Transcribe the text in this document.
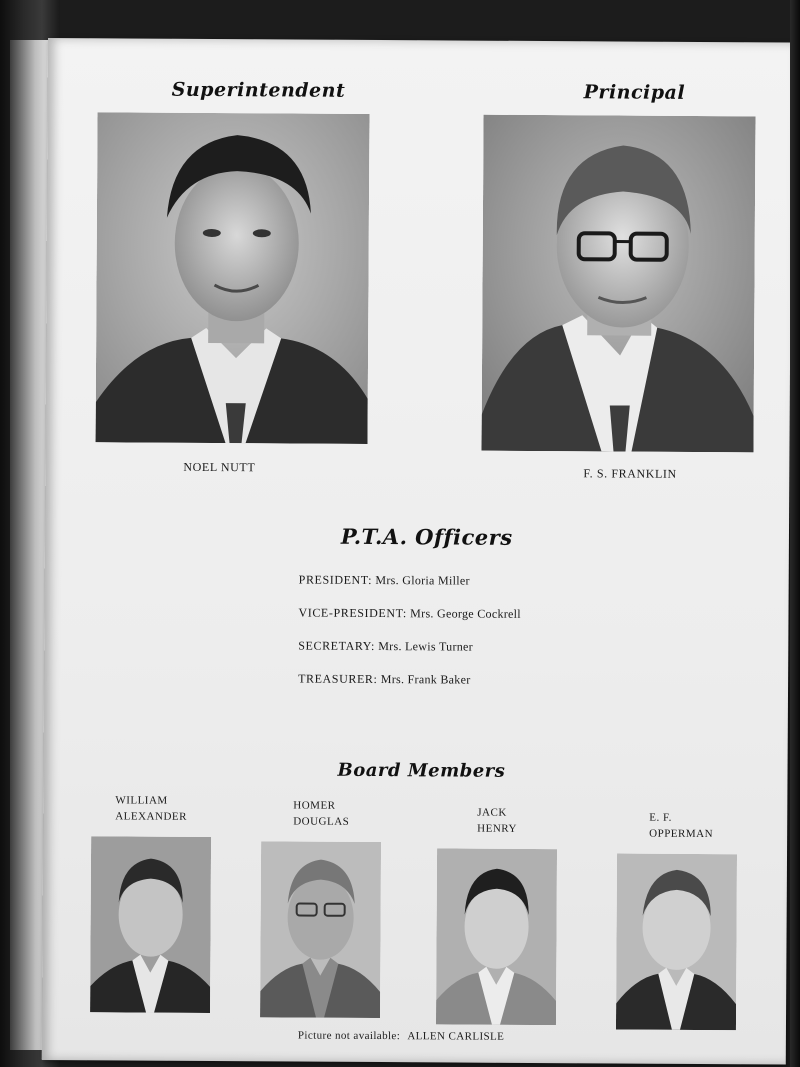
Superintendent	Principal
NOEL NUTT	F. S. FRANKLIN
P.T.A. Officers
PRESIDENT: Mrs. Gloria Miller
VICE-PRESIDENT: Mrs. George Cockrell
SECRETARY: Mrs. Lewis Turner
TREASURER: Mrs. Frank Baker
Board Members
WILLIAM
ALEXANDER
HOMER
DOUGLAS
JACK
HENRY
E. F.
OPPERMAN
Picture not available: ALLEN CARLISLE
